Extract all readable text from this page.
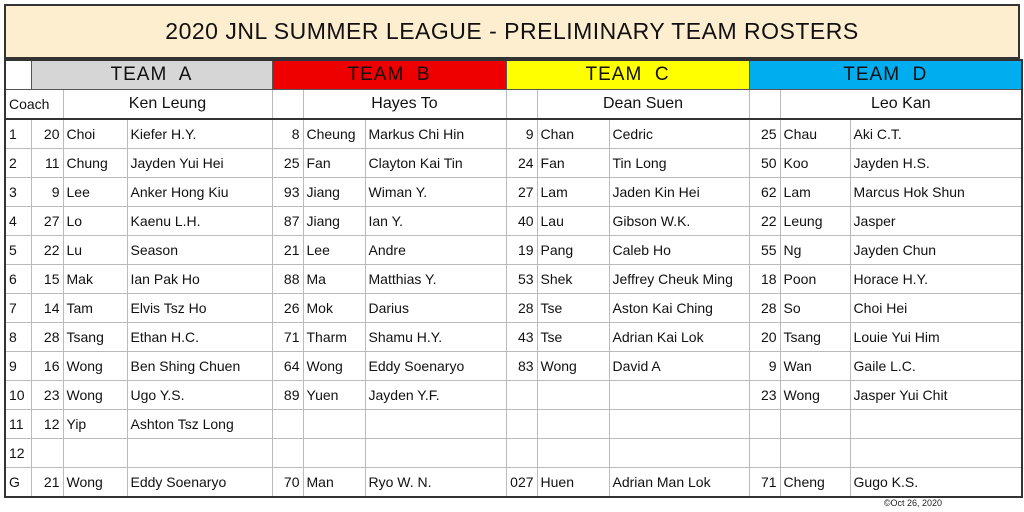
2020 JNL SUMMER LEAGUE - PRELIMINARY TEAM ROSTERS
	TEAM  A			TEAM  B			TEAM  C			TEAM  D		
Coach		Ken Leung			Hayes To			Dean Suen			Leo Kan	
1	20	Choi	Kiefer H.Y.	8	Cheung	Markus Chi Hin	9	Chan	Cedric	25	Chau	Aki C.T.
2	11	Chung	Jayden Yui Hei	25	Fan	Clayton Kai Tin	24	Fan	Tin Long	50	Koo	Jayden H.S.
3	9	Lee	Anker Hong Kiu	93	Jiang	Wiman Y.	27	Lam	Jaden Kin Hei	62	Lam	Marcus Hok Shun
4	27	Lo	Kaenu L.H.	87	Jiang	Ian Y.	40	Lau	Gibson W.K.	22	Leung	Jasper
5	22	Lu	Season	21	Lee	Andre	19	Pang	Caleb Ho	55	Ng	Jayden Chun
6	15	Mak	Ian Pak Ho	88	Ma	Matthias Y.	53	Shek	Jeffrey Cheuk Ming	18	Poon	Horace H.Y.
7	14	Tam	Elvis Tsz Ho	26	Mok	Darius	28	Tse	Aston Kai Ching	28	So	Choi Hei
8	28	Tsang	Ethan H.C.	71	Tharm	Shamu H.Y.	43	Tse	Adrian Kai Lok	20	Tsang	Louie Yui Him
9	16	Wong	Ben Shing Chuen	64	Wong	Eddy Soenaryo	83	Wong	David A	9	Wan	Gaile L.C.
10	23	Wong	Ugo Y.S.	89	Yuen	Jayden Y.F.				23	Wong	Jasper Yui Chit
11	12	Yip	Ashton Tsz Long									
12												
G	21	Wong	Eddy Soenaryo	70	Man	Ryo W. N.	027	Huen	Adrian Man Lok	71	Cheng	Gugo K.S.
©Oct 26, 2020
